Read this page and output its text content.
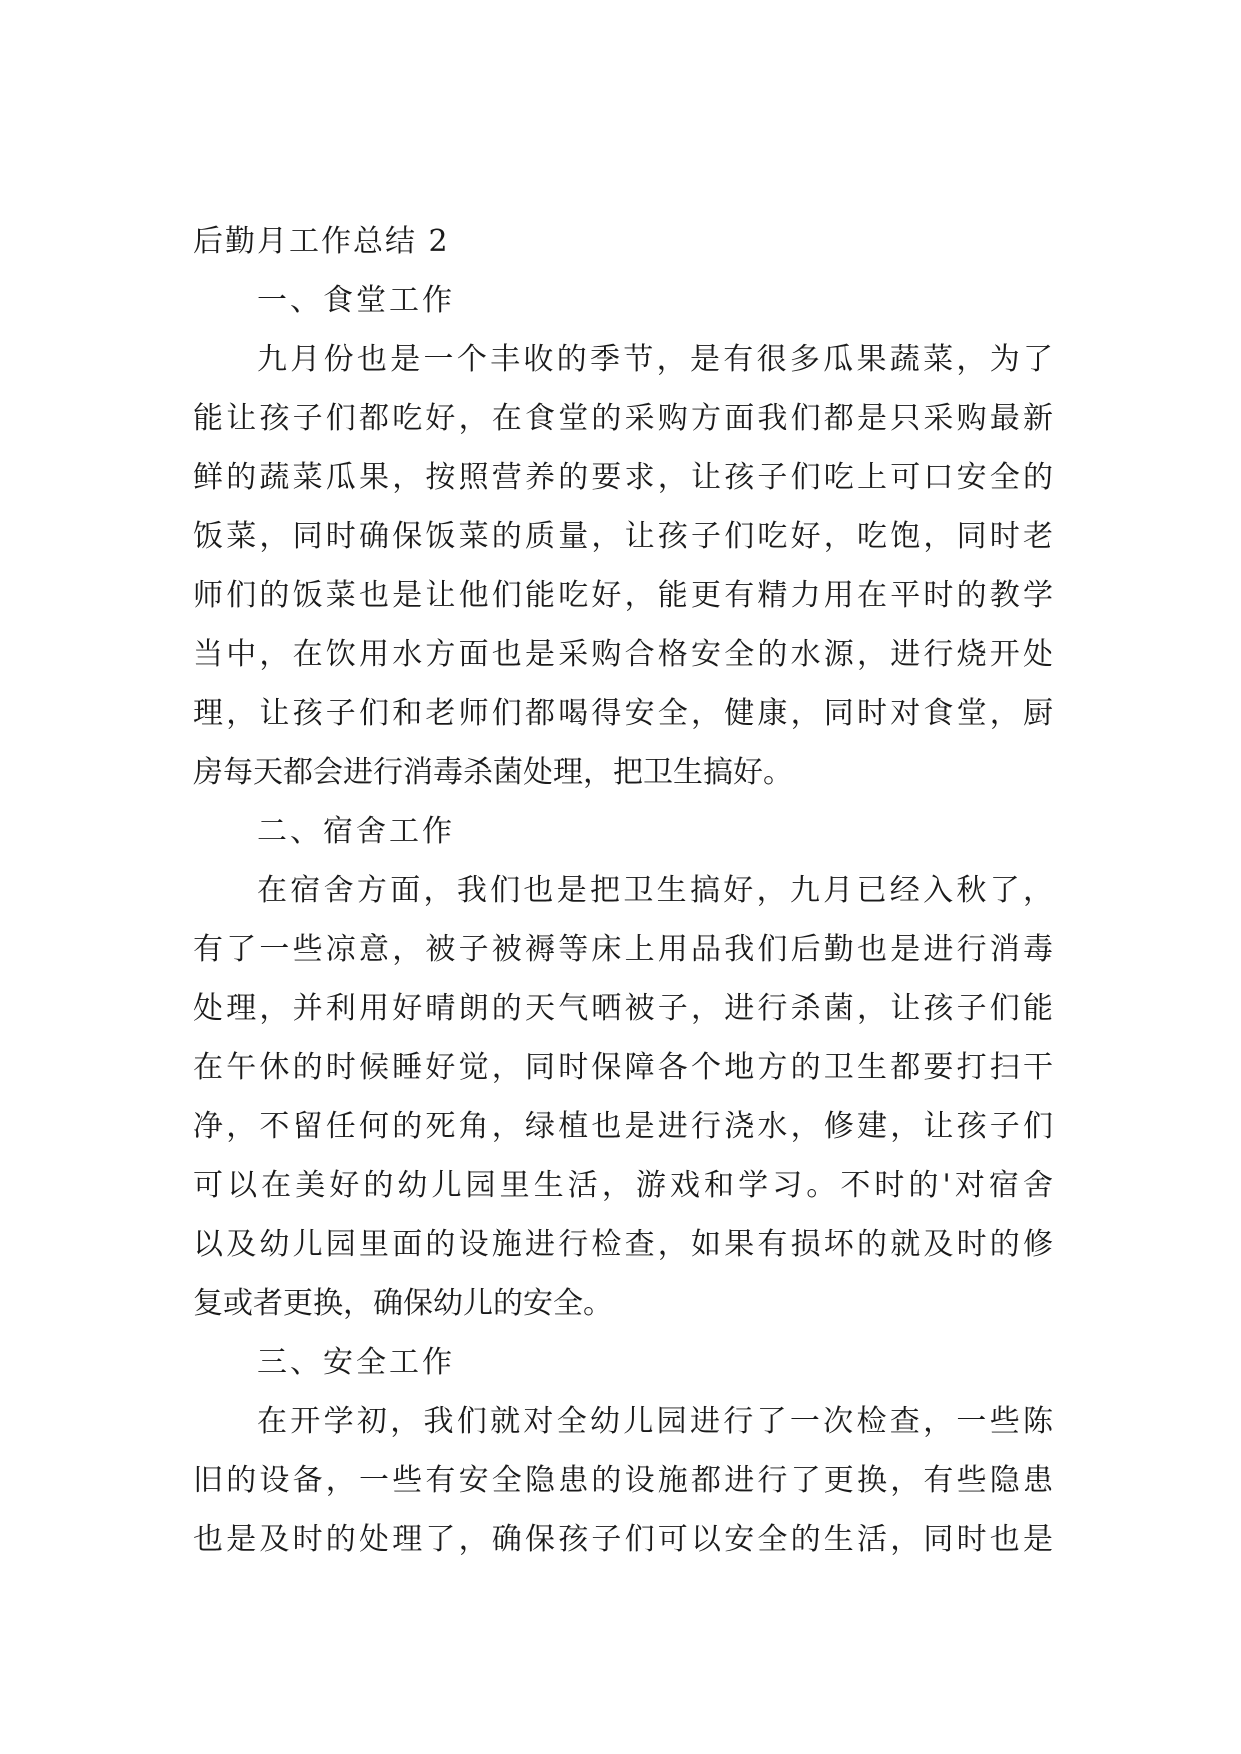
后勤月工作总结 2
一、食堂工作
九月份也是一个丰收的季节，是有很多瓜果蔬菜，为了
能让孩子们都吃好，在食堂的采购方面我们都是只采购最新
鲜的蔬菜瓜果，按照营养的要求，让孩子们吃上可口安全的
饭菜，同时确保饭菜的质量，让孩子们吃好，吃饱，同时老
师们的饭菜也是让他们能吃好，能更有精力用在平时的教学
当中，在饮用水方面也是采购合格安全的水源，进行烧开处
理，让孩子们和老师们都喝得安全，健康，同时对食堂，厨
房每天都会进行消毒杀菌处理，把卫生搞好。
二、宿舍工作
在宿舍方面，我们也是把卫生搞好，九月已经入秋了，
有了一些凉意，被子被褥等床上用品我们后勤也是进行消毒
处理，并利用好晴朗的天气晒被子，进行杀菌，让孩子们能
在午休的时候睡好觉，同时保障各个地方的卫生都要打扫干
净，不留任何的死角，绿植也是进行浇水，修建，让孩子们
可以在美好的幼儿园里生活，游戏和学习。不时的'对宿舍
以及幼儿园里面的设施进行检查，如果有损坏的就及时的修
复或者更换，确保幼儿的安全。
三、安全工作
在开学初，我们就对全幼儿园进行了一次检查，一些陈
旧的设备，一些有安全隐患的设施都进行了更换，有些隐患
也是及时的处理了，确保孩子们可以安全的生活，同时也是
